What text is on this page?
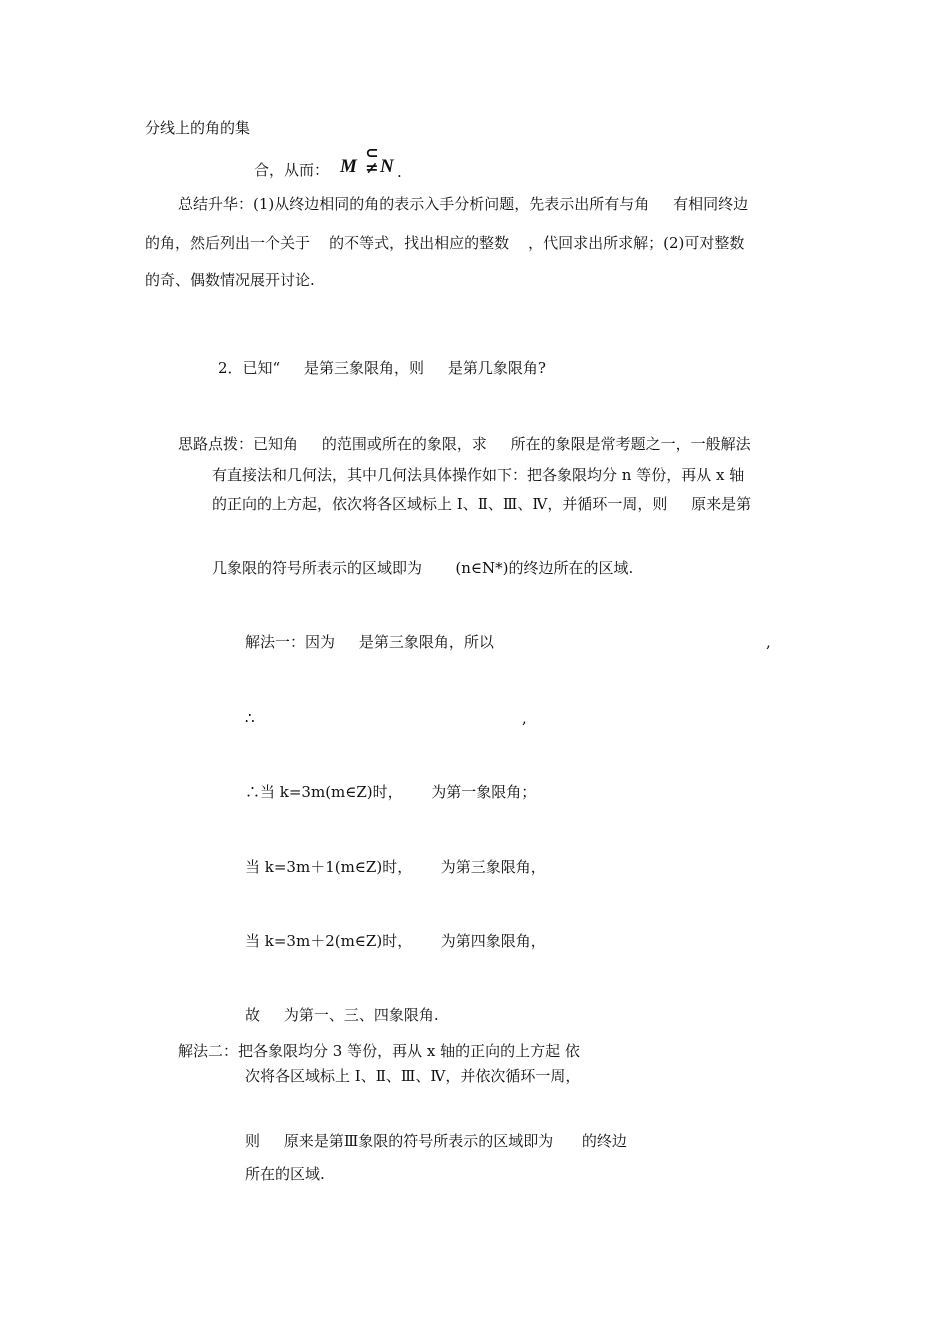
分线上的角的集
合，从而： M
⊂
≠ N .
总结升华：(1)从终边相同的角的表示入手分析问题，先表示出所有与角     有相同终边
的角，然后列出一个关于    的不等式，找出相应的整数    ，代回求出所求解；(2)可对整数
的奇、偶数情况展开讨论.
2．已知“     是第三象限角，则     是第几象限角?
思路点拨：已知角     的范围或所在的象限，求     所在的象限是常考题之一，一般解法
有直接法和几何法，其中几何法具体操作如下：把各象限均分 n 等份，再从 x 轴
的正向的上方起，依次将各区域标上 I、Ⅱ、Ⅲ、Ⅳ，并循环一周，则     原来是第
几象限的符号所表示的区域即为       (n∈N*)的终边所在的区域.
解法一：因为     是第三象限角，所以	,
∴	,
∴当 k=3m(m∈Z)时，      为第一象限角；
当 k=3m＋1(m∈Z)时，      为第三象限角，
当 k=3m＋2(m∈Z)时，      为第四象限角，
故     为第一、三、四象限角.
解法二：把各象限均分 3 等份，再从 x 轴的正向的上方起 依
次将各区域标上 I、Ⅱ、Ⅲ、Ⅳ，并依次循环一周，
则     原来是第Ⅲ象限的符号所表示的区域即为      的终边
所在的区域.
